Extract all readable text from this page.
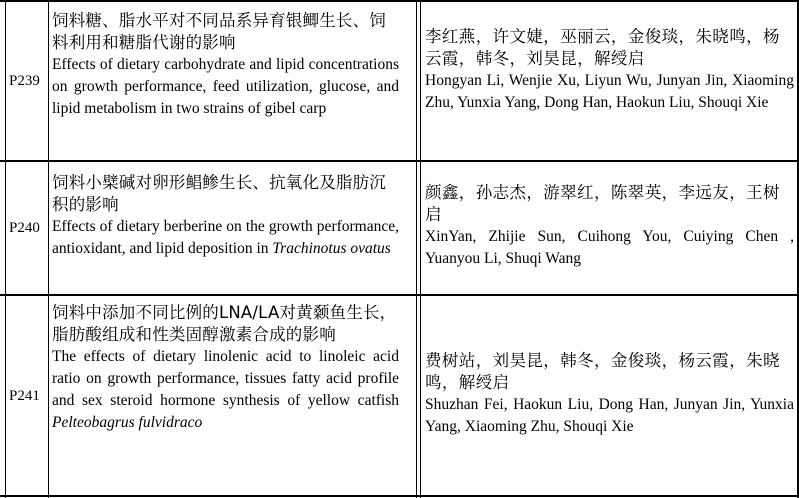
P239
饲料糖、脂水平对不同品系异育银鲫生长、饲料利用和糖脂代谢的影响
Effects of dietary carbohydrate and lipid concentrations on growth performance, feed utilization, glucose, and lipid metabolism in two strains of gibel carp
李红燕，许文婕，巫丽云，金俊琰，朱晓鸣，杨云霞，韩冬，刘昊昆，解绶启
Hongyan Li, Wenjie Xu, Liyun Wu, Junyan Jin, Xiaoming Zhu, Yunxia Yang, Dong Han, Haokun Liu, Shouqi Xie
P240
饲料小檗碱对卵形鲳鲹生长、抗氧化及脂肪沉积的影响
Effects of dietary berberine on the growth performance, antioxidant, and lipid deposition in Trachinotus ovatus
颜鑫，孙志杰，游翠红，陈翠英，李远友，王树启
XinYan, Zhijie Sun, Cuihong You, Cuiying Chen , Yuanyou Li, Shuqi Wang
P241
饲料中添加不同比例的LNA/LA对黄颡鱼生长，脂肪酸组成和性类固醇激素合成的影响
The effects of dietary linolenic acid to linoleic acid ratio on growth performance, tissues fatty acid profile and sex steroid hormone synthesis of yellow catfish Pelteobagrus fulvidraco
费树站，刘昊昆，韩冬，金俊琰，杨云霞，朱晓鸣，解绶启
Shuzhan Fei, Haokun Liu, Dong Han, Junyan Jin, Yunxia Yang, Xiaoming Zhu, Shouqi Xie
